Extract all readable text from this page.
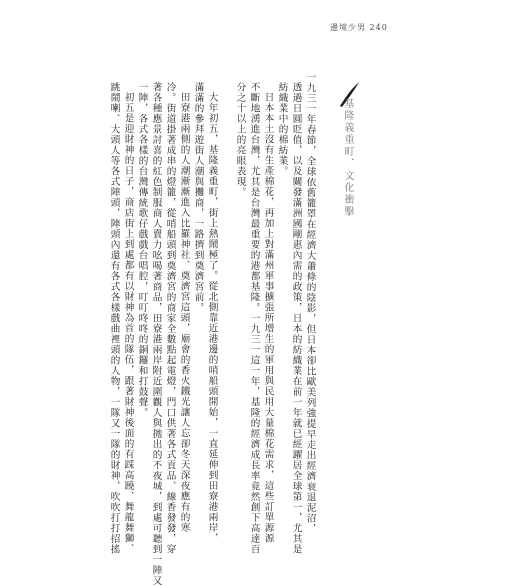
邊境少男 240
基隆義重町．文化衝擊
一九三一年春節，全球依舊籠罩在經濟大蕭條的陰影，但日本卻比歐美列強提早走出經濟衰退泥沼，
透過日圓貶值，以及關發滿洲國剛惠內需的政策，日本的紡織業在前一年就已經躍居全球第一，尤其是
紡織業中的棉紡業。
日本本土沒有生產棉花，再加上對滿州軍事擴張所增生的軍用與民用大量棉花需求，這些訂單源源
不斷地湧進台灣，尤其是台灣最重要的港都基隆。一九三一這一年，基隆的經濟成長率竟然創下高達百
分之十以上的亮眼表現。
大年初五，基隆義重町，街上熱鬧極了。從北側靠近港邊的哨船頭開始，一直延伸到田寮港兩岸，
滿滿的參拜遊街人潮與攤商，一路擠到奠濟宮前。
田寮港兩側的人潮漸漸進入比羅神社、奠濟宮這頭，廟會的香火鐵光讓人忘卻冬天深夜應有的寒
冷。街道掛著成串的燈籠，從哨船頭到奠濟宮的商家全數點起電燈，門口供著各式貢品、線香發發，穿
著各種應景討喜的紅色制服商人賣力吆喝著商品，田寮港兩岸附近圍觀人與拋出的不夜城，到處可聽到一陣又
一陣，各式各樣的台灣傳統歌仔戲戲台唱腔，叮叮咚咚的銅鑼和打鼓聲。
初五是迎財神的日子，商店街上到處都有以財神為首的隊伍，跟著財神後面的有踩高蹺、舞龍舞獅、
跳鬧喇、大頭人等各式陣頭，陣頭內還有各式各樣戲曲裡頭的人物，一隊又一隊的財神，吹吹打打招搖
